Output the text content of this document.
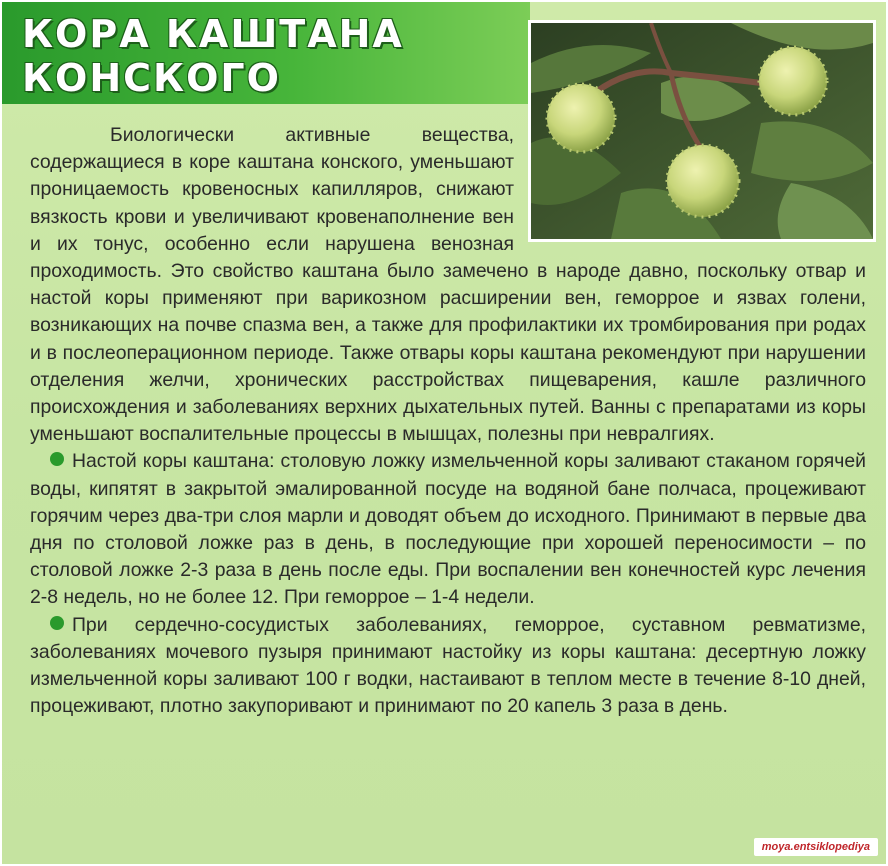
КОРА КАШТАНА
КОНСКОГО

Биологически активные вещества, содержащиеся в коре каштана конского, уменьшают проницаемость кровеносных капилляров, снижают вязкость крови и увеличивают кровенаполнение вен и их тонус, особенно если нарушена венозная проходимость. Это свойство каштана было замечено в народе давно, поскольку отвар и настой коры применяют при варикозном расширении вен, геморрое и язвах голени, возникающих на почве спазма вен, а также для профилактики их тромбирования при родах и в послеоперационном периоде. Также отвары коры каштана рекомендуют при нарушении отделения желчи, хронических расстройствах пищеварения, кашле различного происхождения и заболеваниях верхних дыхательных путей. Ванны с препаратами из коры уменьшают воспалительные процессы в мышцах, полезны при невралгиях.

Настой коры каштана: столовую ложку измельченной коры заливают стаканом горячей воды, кипятят в закрытой эмалированной посуде на водяной бане полчаса, процеживают горячим через два-три слоя марли и доводят объем до исходного. Принимают в первые два дня по столовой ложке раз в день, в последующие при хорошей переносимости – по столовой ложке 2-3 раза в день после еды. При воспалении вен конечностей курс лечения 2-8 недель, но не более 12. При геморрое – 1-4 недели.

При сердечно-сосудистых заболеваниях, геморрое, суставном ревматизме, заболеваниях мочевого пузыря принимают настойку из коры каштана: десертную ложку измельченной коры заливают 100 г водки, настаивают в теплом месте в течение 8-10 дней, процеживают, плотно закупоривают и принимают по 20 капель 3 раза в день.

moya.entsiklopediya
